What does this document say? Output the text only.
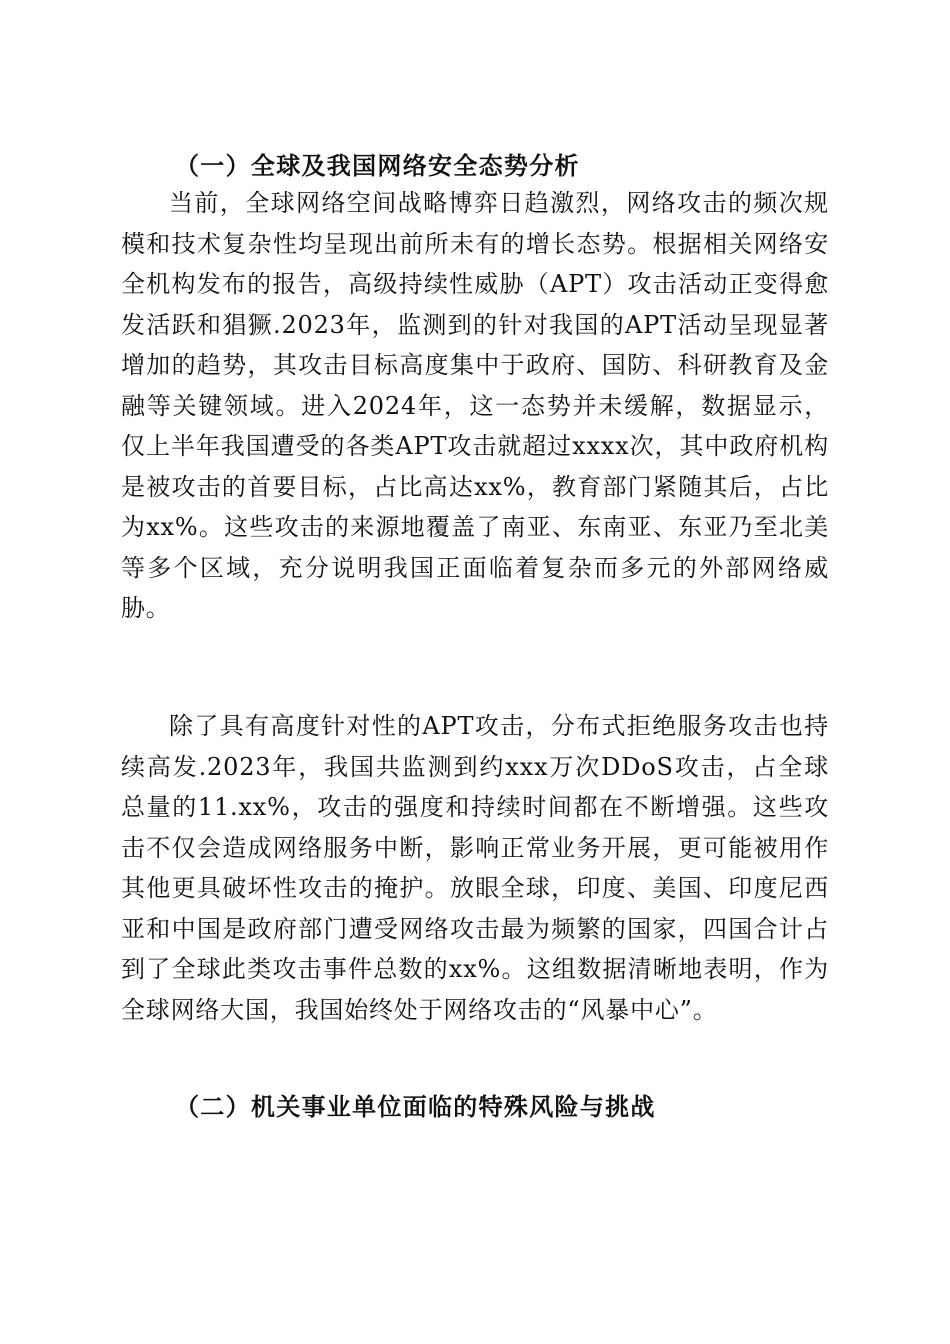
（一）全球及我国网络安全态势分析

当前，全球网络空间战略博弈日趋激烈，网络攻击的频次规模和技术复杂性均呈现出前所未有的增长态势。根据相关网络安全机构发布的报告，高级持续性威胁（APT）攻击活动正变得愈发活跃和猖獗.2023年，监测到的针对我国的APT活动呈现显著增加的趋势，其攻击目标高度集中于政府、国防、科研教育及金融等关键领域。进入2024年，这一态势并未缓解，数据显示，仅上半年我国遭受的各类APT攻击就超过xxxx次，其中政府机构是被攻击的首要目标，占比高达xx%，教育部门紧随其后，占比为xx%。这些攻击的来源地覆盖了南亚、东南亚、东亚乃至北美等多个区域，充分说明我国正面临着复杂而多元的外部网络威胁。

除了具有高度针对性的APT攻击，分布式拒绝服务攻击也持续高发.2023年，我国共监测到约xxx万次DDoS攻击，占全球总量的11.xx%，攻击的强度和持续时间都在不断增强。这些攻击不仅会造成网络服务中断，影响正常业务开展，更可能被用作其他更具破坏性攻击的掩护。放眼全球，印度、美国、印度尼西亚和中国是政府部门遭受网络攻击最为频繁的国家，四国合计占到了全球此类攻击事件总数的xx%。这组数据清晰地表明，作为全球网络大国，我国始终处于网络攻击的“风暴中心”。

（二）机关事业单位面临的特殊风险与挑战
